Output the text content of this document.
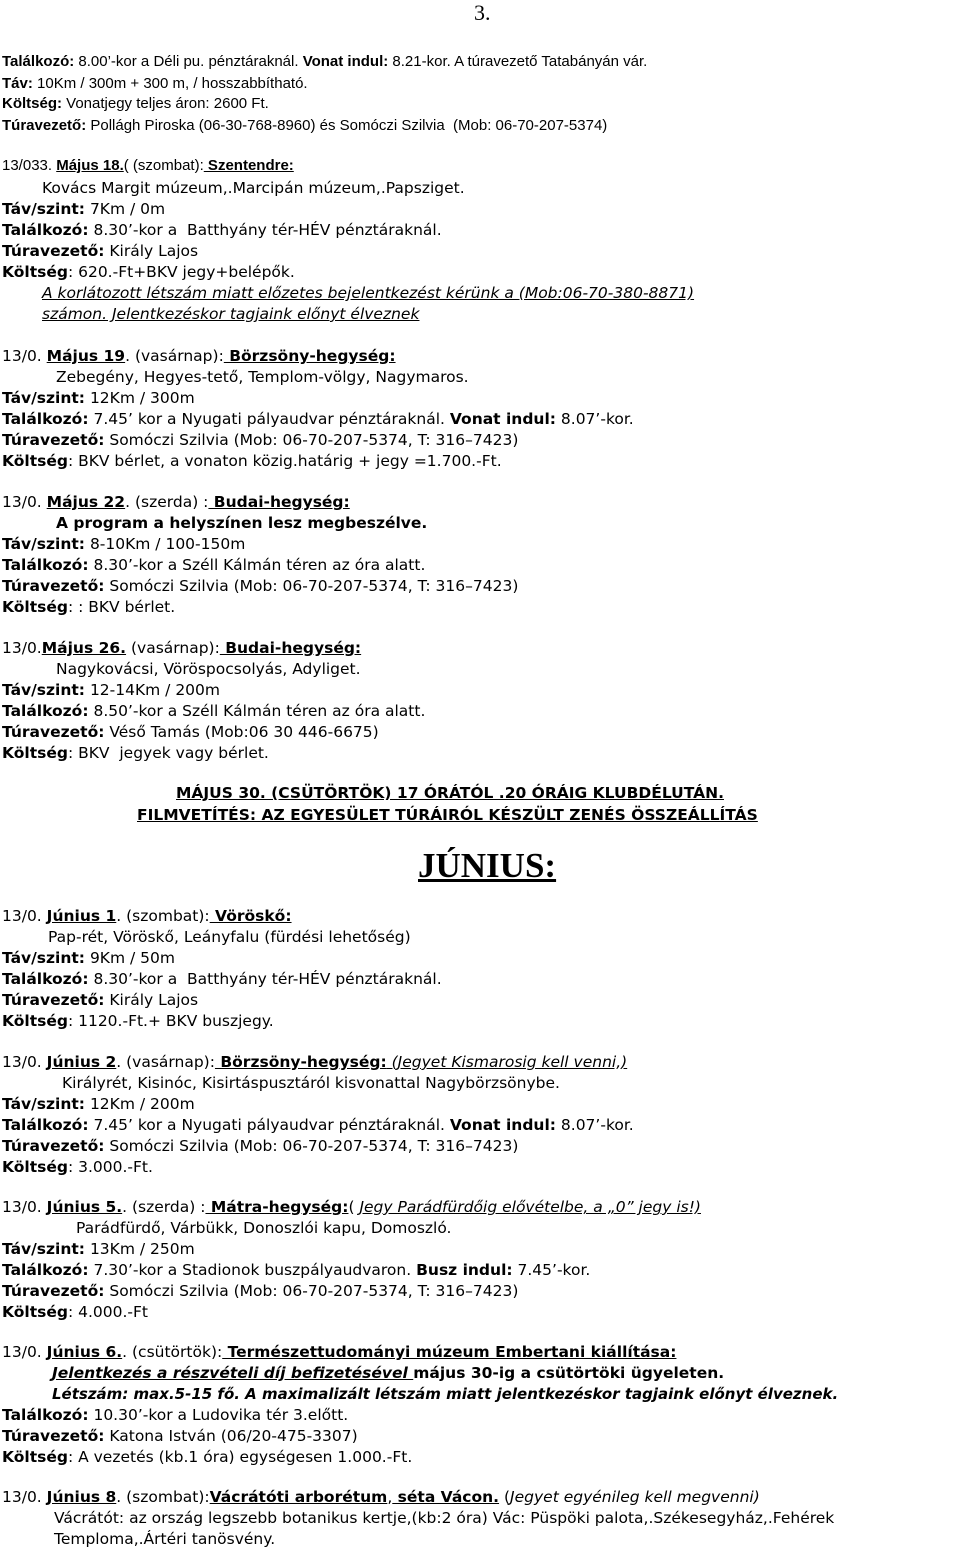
3.
Találkozó: 8.00’-kor a Déli pu. pénztáraknál. Vonat indul: 8.21-kor. A túravezető Tatabányán vár.
Táv: 10Km / 300m + 300 m, / hosszabbítható.
Költség: Vonatjegy teljes áron: 2600 Ft.
Túravezető: Pollágh Piroska (06-30-768-8960) és Somóczi Szilvia  (Mob: 06-70-207-5374)
13/033. Május 18.( (szombat): Szentendre:
Kovács Margit múzeum,.Marcipán múzeum,.Papsziget.
Táv/szint: 7Km / 0m
Találkozó: 8.30’-kor a  Batthyány tér-HÉV pénztáraknál.
Túravezető: Király Lajos
Költség: 620.-Ft+BKV jegy+belépők.
A korlátozott létszám miatt előzetes bejelentkezést kérünk a (Mob:06-70-380-8871)
számon. Jelentkezéskor tagjaink előnyt élveznek
13/0. Május 19. (vasárnap): Börzsöny-hegység:
Zebegény, Hegyes-tető, Templom-völgy, Nagymaros.
Táv/szint: 12Km / 300m
Találkozó: 7.45’ kor a Nyugati pályaudvar pénztáraknál. Vonat indul: 8.07’-kor.
Túravezető: Somóczi Szilvia (Mob: 06-70-207-5374, T: 316–7423)
Költség: BKV bérlet, a vonaton közig.határig + jegy =1.700.-Ft.
13/0. Május 22. (szerda) : Budai-hegység:
A program a helyszínen lesz megbeszélve.
Táv/szint: 8-10Km / 100-150m
Találkozó: 8.30’-kor a Széll Kálmán téren az óra alatt.
Túravezető: Somóczi Szilvia (Mob: 06-70-207-5374, T: 316–7423)
Költség: : BKV bérlet.
13/0.Május 26. (vasárnap): Budai-hegység:
Nagykovácsi, Vöröspocsolyás, Adyliget.
Táv/szint: 12-14Km / 200m
Találkozó: 8.50’-kor a Széll Kálmán téren az óra alatt.
Túravezető: Véső Tamás (Mob:06 30 446-6675)
Költség: BKV  jegyek vagy bérlet.
MÁJUS 30. (CSÜTÖRTÖK) 17 ÓRÁTÓL .20 ÓRÁIG KLUBDÉLUTÁN.
FILMVETÍTÉS: AZ EGYESÜLET TÚRÁIRÓL KÉSZÜLT ZENÉS ÖSSZEÁLLÍTÁS
JÚNIUS:
13/0. Június 1. (szombat): Vöröskő:
Pap-rét, Vöröskő, Leányfalu (fürdési lehetőség)
Táv/szint: 9Km / 50m
Találkozó: 8.30’-kor a  Batthyány tér-HÉV pénztáraknál.
Túravezető: Király Lajos
Költség: 1120.-Ft.+ BKV buszjegy.
13/0. Június 2. (vasárnap): Börzsöny-hegység: (Jegyet Kismarosig kell venni,)
Királyrét, Kisinóc, Kisirtáspusztáról kisvonattal Nagybörzsönybe.
Táv/szint: 12Km / 200m
Találkozó: 7.45’ kor a Nyugati pályaudvar pénztáraknál. Vonat indul: 8.07’-kor.
Túravezető: Somóczi Szilvia (Mob: 06-70-207-5374, T: 316–7423)
Költség: 3.000.-Ft.
13/0. Június 5.. (szerda) : Mátra-hegység:( Jegy Parádfürdőig elővételbe, a „0” jegy is!)
Parádfürdő, Várbükk, Donoszlói kapu, Domoszló.
Táv/szint: 13Km / 250m
Találkozó: 7.30’-kor a Stadionok buszpályaudvaron. Busz indul: 7.45’-kor.
Túravezető: Somóczi Szilvia (Mob: 06-70-207-5374, T: 316–7423)
Költség: 4.000.-Ft
13/0. Június 6.. (csütörtök): Természettudományi múzeum Embertani kiállítása:
Jelentkezés a részvételi díj befizetésével május 30-ig a csütörtöki ügyeleten.
Létszám: max.5-15 fő. A maximalizált létszám miatt jelentkezéskor tagjaink előnyt élveznek.
Találkozó: 10.30’-kor a Ludovika tér 3.előtt.
Túravezető: Katona István (06/20-475-3307)
Költség: A vezetés (kb.1 óra) egységesen 1.000.-Ft.
13/0. Június 8. (szombat):Vácrátóti arborétum, séta Vácon. (Jegyet egyénileg kell megvenni)
Vácrátót: az ország legszebb botanikus kertje,(kb:2 óra) Vác: Püspöki palota,.Székesegyház,.Fehérek
Temploma,.Ártéri tanösvény.
